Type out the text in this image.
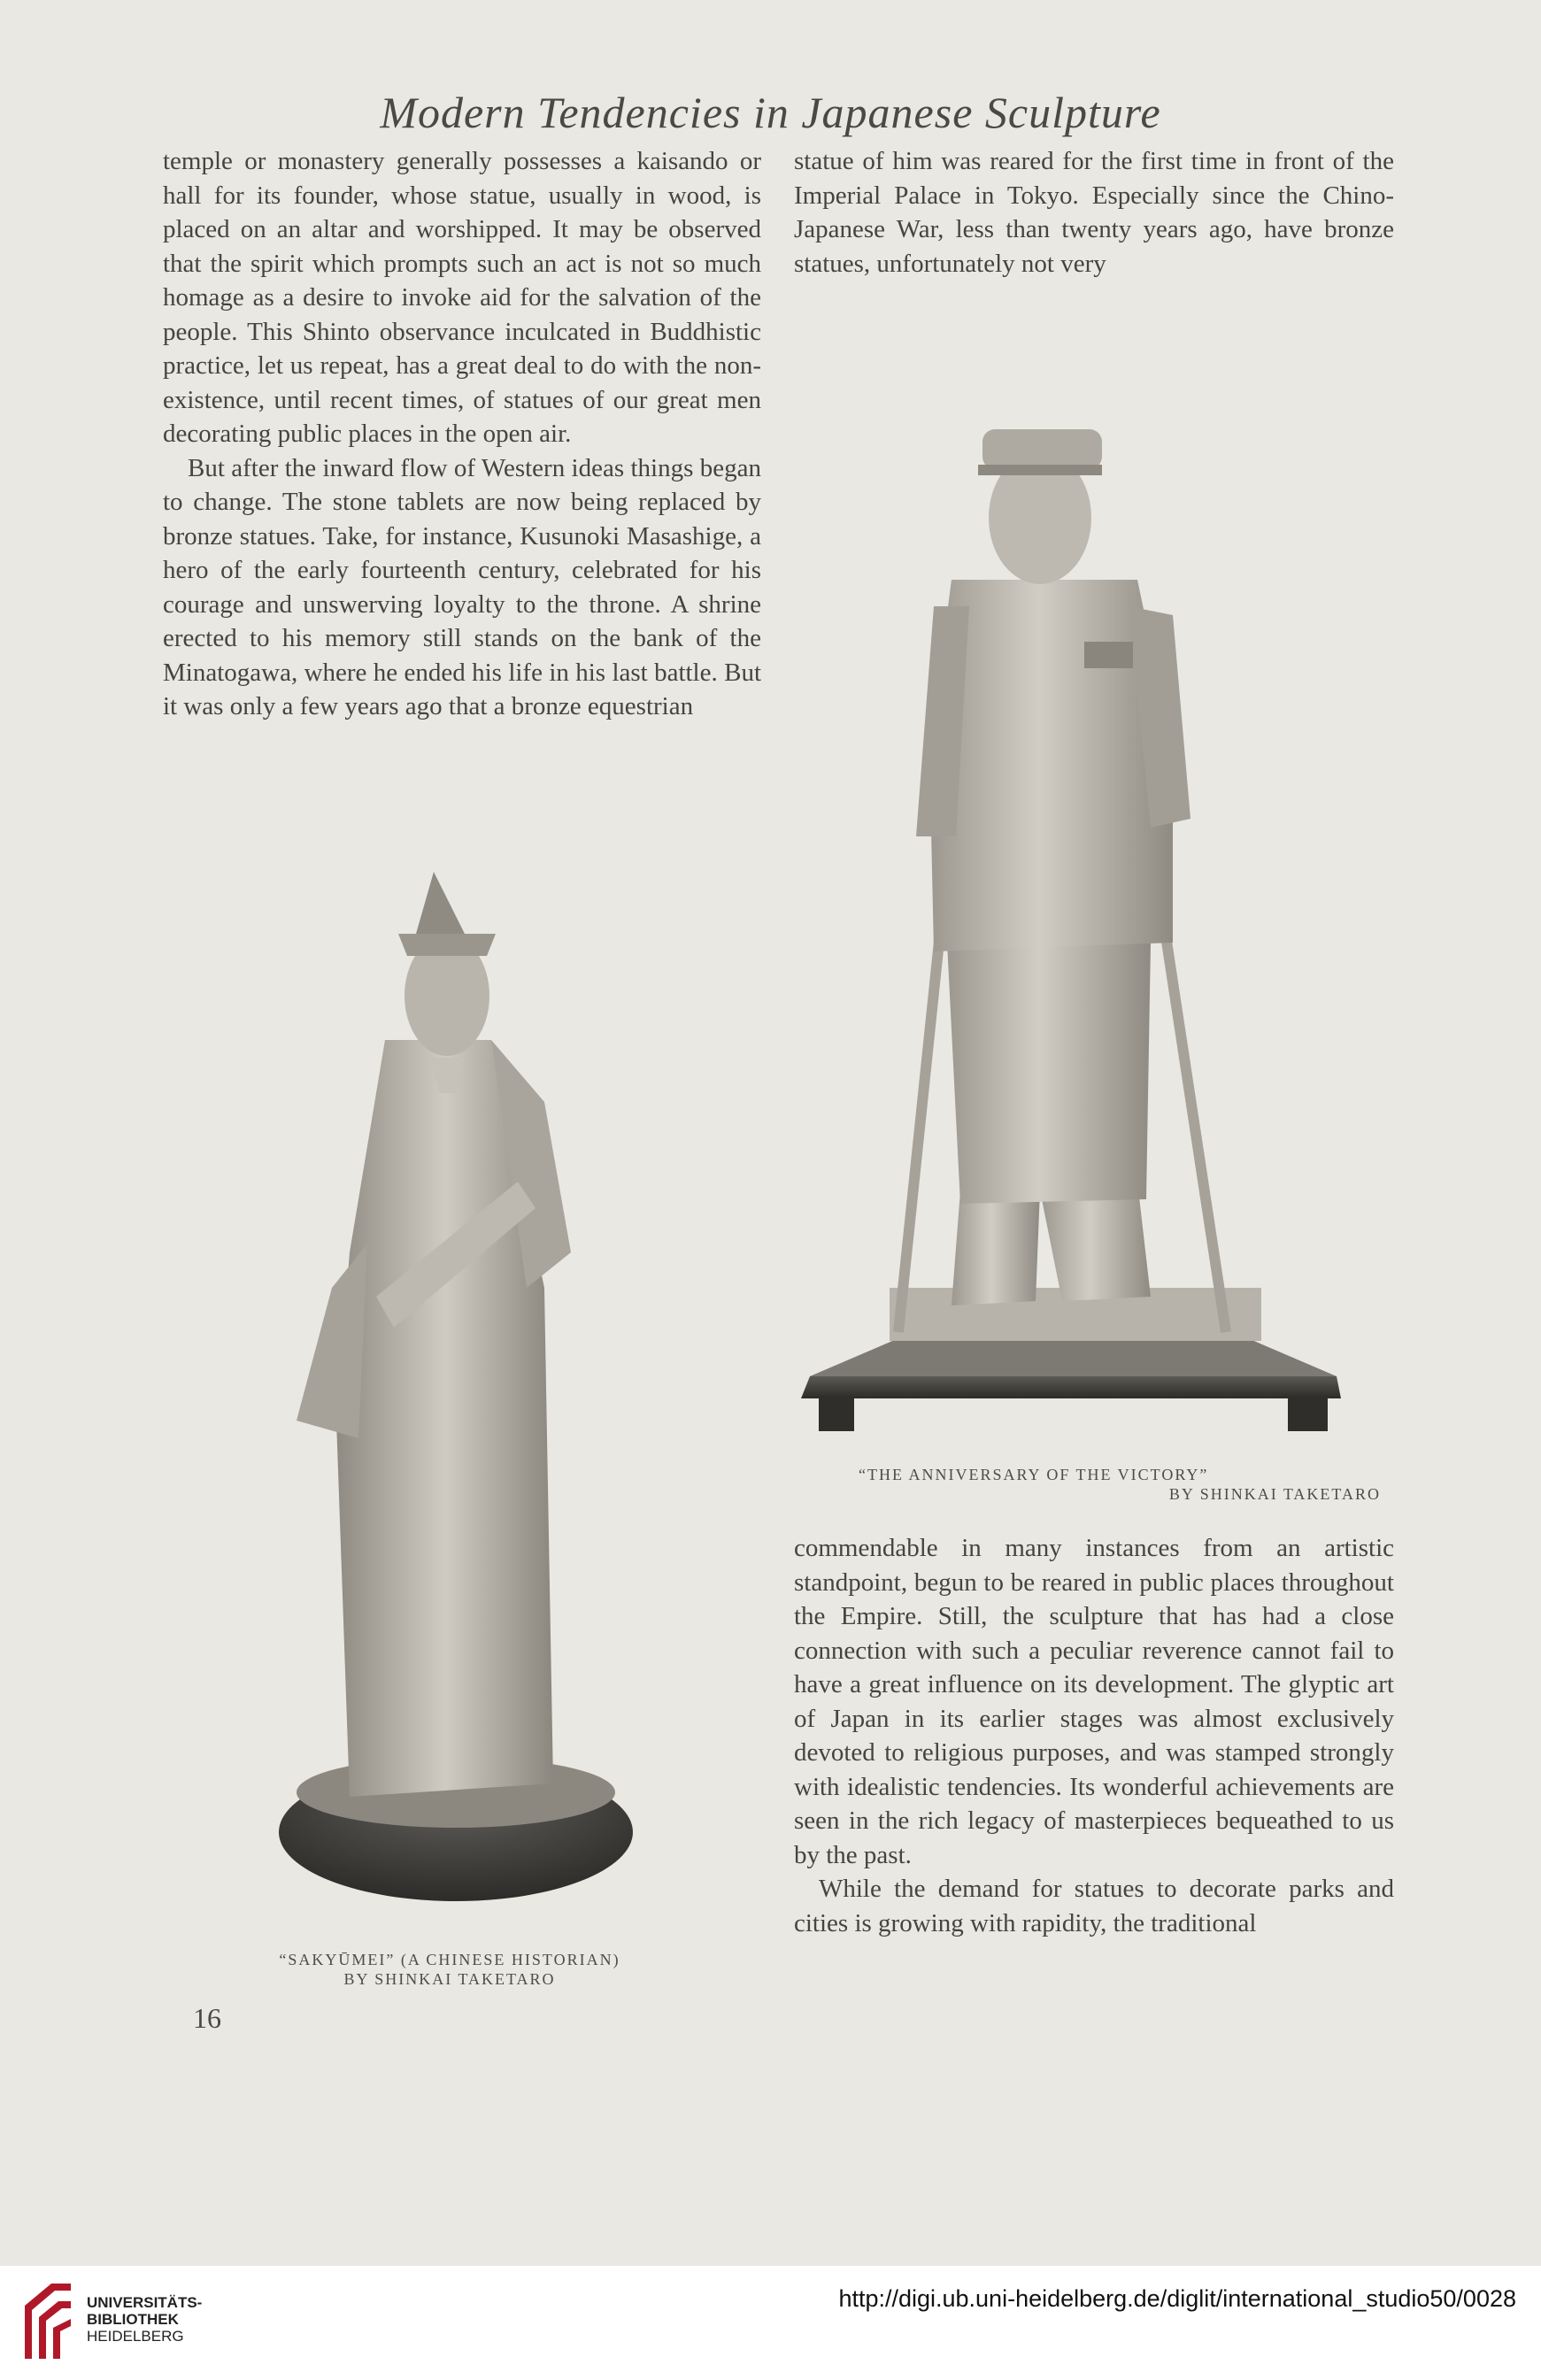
Modern Tendencies in Japanese Sculpture

temple or monastery generally possesses a kaisando or hall for its founder, whose statue, usually in wood, is placed on an altar and worshipped. It may be observed that the spirit which prompts such an act is not so much homage as a desire to invoke aid for the salvation of the people. This Shinto observance inculcated in Buddhistic practice, let us repeat, has a great deal to do with the non-existence, until recent times, of statues of our great men decorating public places in the open air.

But after the inward flow of Western ideas things began to change. The stone tablets are now being replaced by bronze statues. Take, for instance, Kusunoki Masashige, a hero of the early fourteenth century, celebrated for his courage and unswerving loyalty to the throne. A shrine erected to his memory still stands on the bank of the Minatogawa, where he ended his life in his last battle. But it was only a few years ago that a bronze equestrian

statue of him was reared for the first time in front of the Imperial Palace in Tokyo. Especially since the Chino-Japanese War, less than twenty years ago, have bronze statues, unfortunately not very

“THE ANNIVERSARY OF THE VICTORY”
BY SHINKAI TAKETARO
“SAKYŪMEI” (A CHINESE HISTORIAN)
BY SHINKAI TAKETARO

commendable in many instances from an artistic standpoint, begun to be reared in public places throughout the Empire. Still, the sculpture that has had a close connection with such a peculiar reverence cannot fail to have a great influence on its development. The glyptic art of Japan in its earlier stages was almost exclusively devoted to religious purposes, and was stamped strongly with idealistic tendencies. Its wonderful achievements are seen in the rich legacy of masterpieces bequeathed to us by the past.

While the demand for statues to decorate parks and cities is growing with rapidity, the traditional

16
UNIVERSITÄTS-
BIBLIOTHEK
HEIDELBERG
http://digi.ub.uni-heidelberg.de/diglit/international_studio50/0028
